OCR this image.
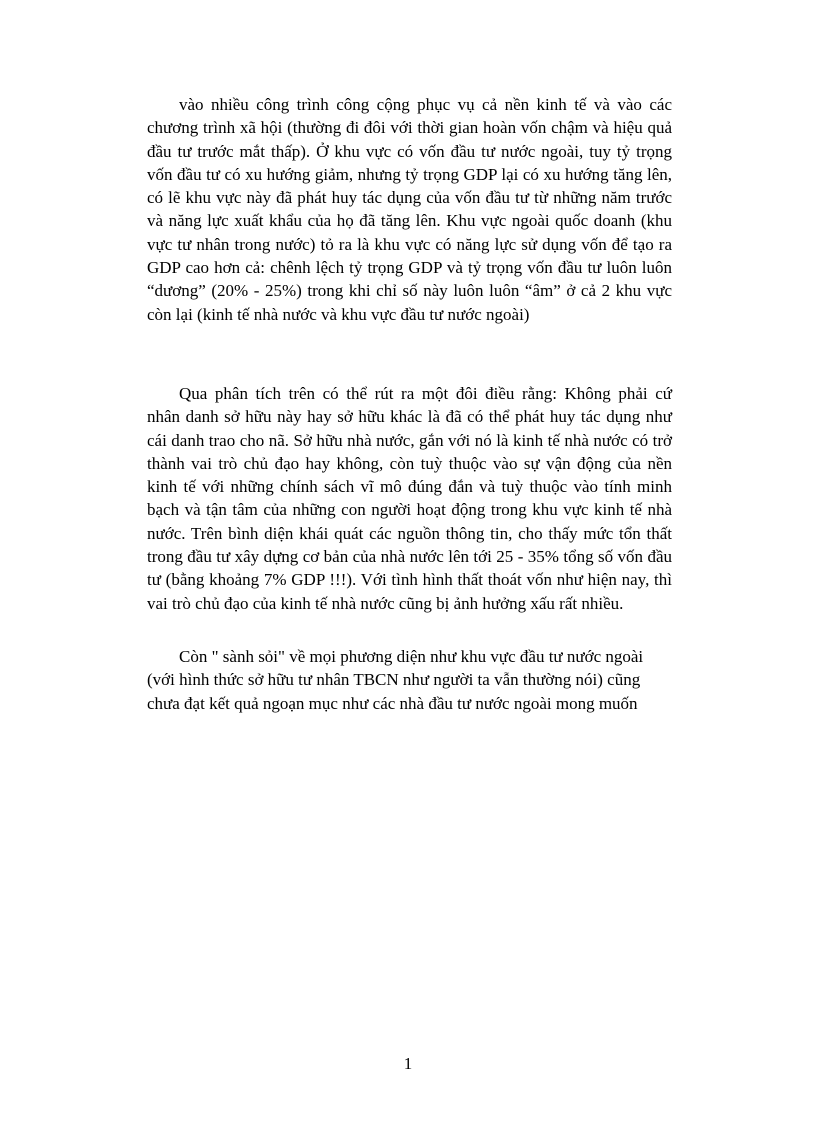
vào nhiều công trình công cộng phục vụ cả nền kinh tế và vào các
chương trình xã hội (thường đi đôi với thời gian hoàn vốn chậm và hiệu quả
đầu tư trước mắt thấp). Ở khu vực có vốn đầu tư nước ngoài, tuy tỷ trọng
vốn đầu tư có xu hướng giảm, nhưng tỷ trọng GDP lại có xu hướng tăng lên,
có lẽ khu vực này đã phát huy tác dụng của vốn đầu tư từ những năm trước
và năng lực xuất khẩu của họ đã tăng lên. Khu vực ngoài quốc doanh (khu
vực tư nhân trong nước) tỏ ra là khu vực có năng lực sử dụng vốn để tạo ra
GDP cao hơn cả: chênh lệch tỷ trọng GDP và tỷ trọng vốn đầu tư luôn luôn
“dương” (20% - 25%) trong khi chỉ số này luôn luôn “âm” ở cả 2 khu vực
còn lại (kinh tế nhà nước và khu vực đầu tư nước ngoài)
Qua phân tích trên có thể rút ra một đôi điều rằng: Không phải cứ
nhân danh sở hữu này hay sở hữu khác là đã có thể phát huy tác dụng như
cái danh trao cho nã. Sở hữu nhà nước, gắn với nó là kinh tế nhà nước có trở
thành vai trò chủ đạo hay không, còn tuỳ thuộc vào sự vận động của nền
kinh tế với những chính sách vĩ mô đúng đắn và tuỳ thuộc vào tính minh
bạch và tận tâm của những con người hoạt động trong khu vực kinh tế nhà
nước. Trên bình diện khái quát các nguồn thông tin, cho thấy mức tổn thất
trong đầu tư xây dựng cơ bản của nhà nước lên tới 25 - 35% tổng số vốn đầu
tư (bằng khoảng 7% GDP !!!). Với tình hình thất thoát vốn như hiện nay, thì
vai trò chủ đạo của kinh tế nhà nước cũng bị ảnh hưởng xấu rất nhiều.
Còn " sành sỏi" về mọi phương diện như khu vực đầu tư nước ngoài
(với hình thức sở hữu tư nhân TBCN như người ta vẫn thường nói) cũng
chưa đạt kết quả ngoạn mục như các nhà đầu tư nước ngoài mong muốn
1
